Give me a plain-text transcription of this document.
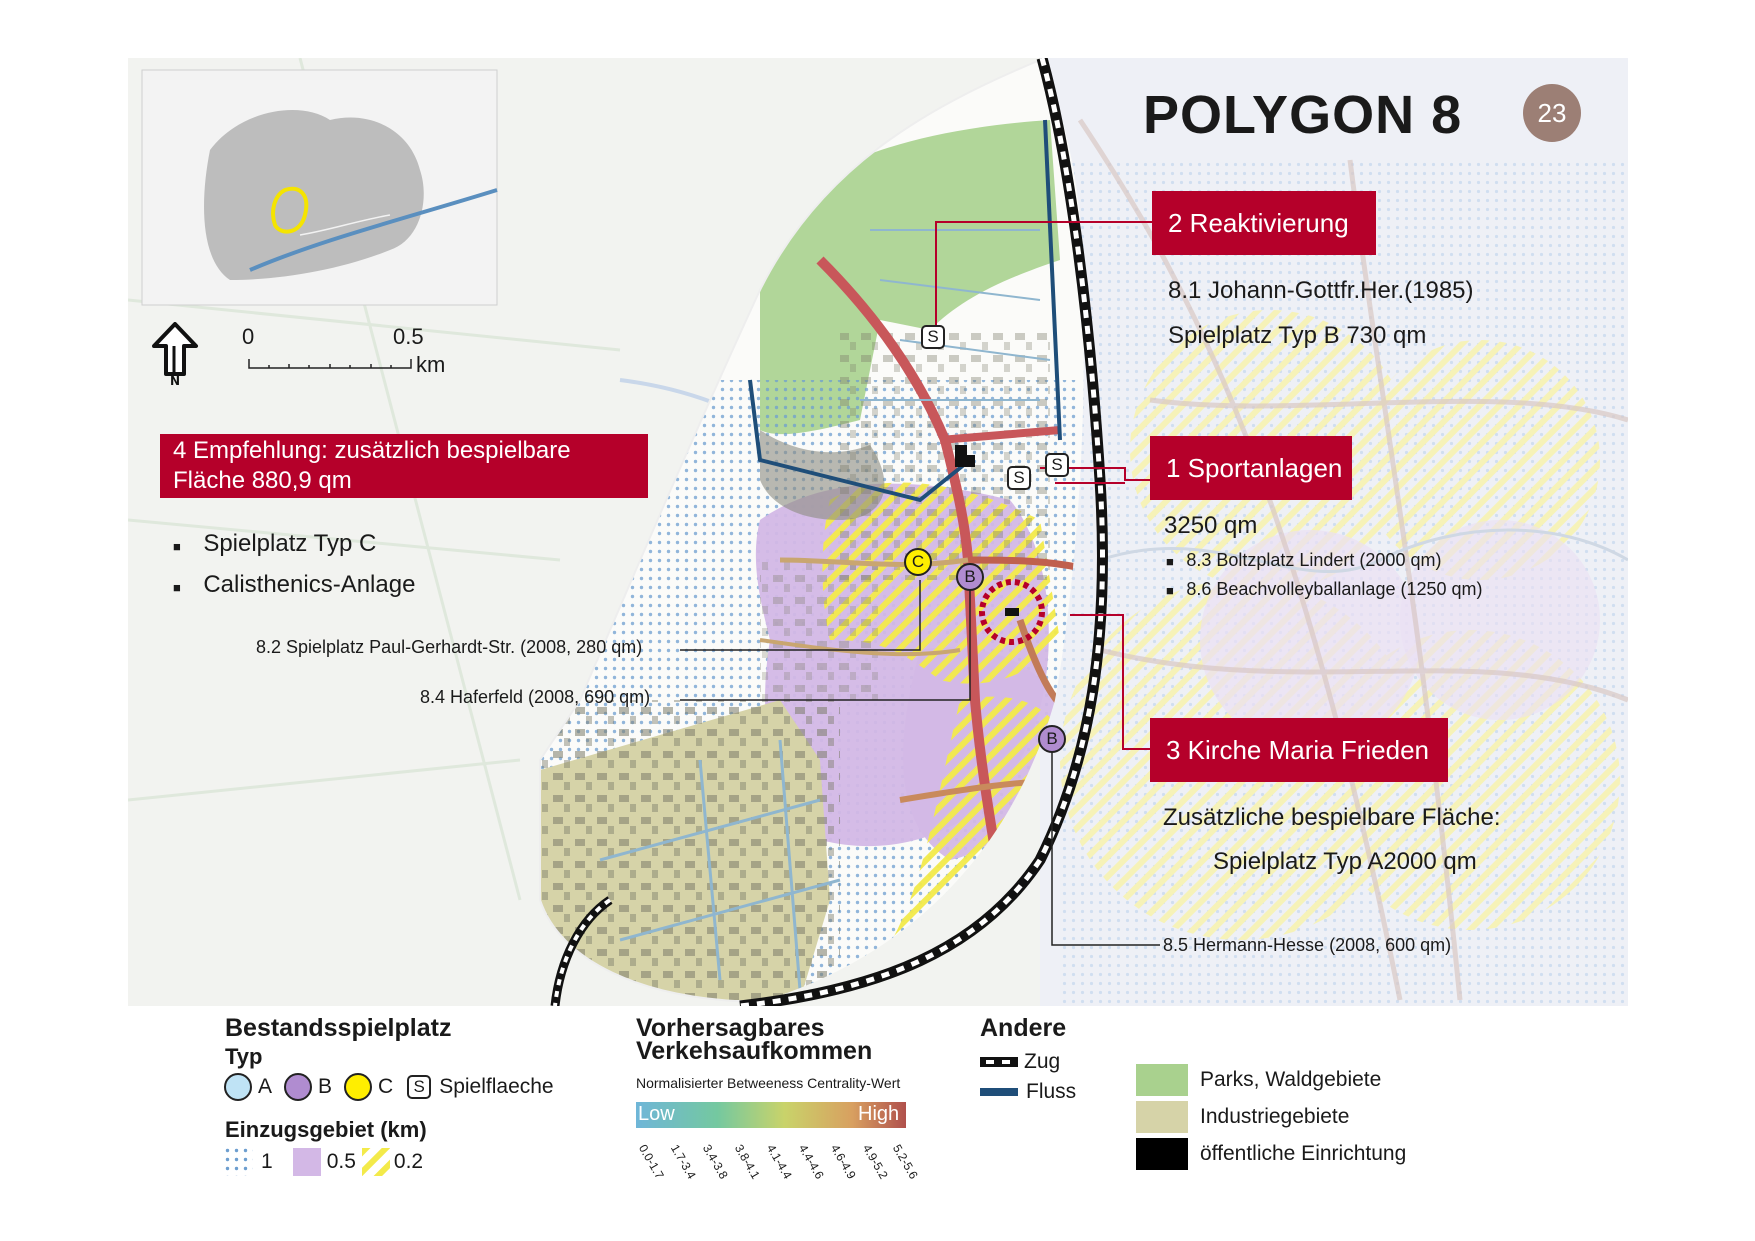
N
0	0.5
km
POLYGON 8	23
2 Reaktivierung
8.1 Johann-Gottfr.Her.(1985)
Spielplatz Typ B 730 qm
1 Sportanlagen
3250 qm
■ 8.3 Boltzplatz Lindert (2000 qm)
■ 8.6 Beachvolleyballanlage (1250 qm)
3 Kirche Maria Frieden
Zusätzliche bespielbare Fläche:
Spielplatz Typ A2000 qm
4 Empfehlung: zusätzlich bespielbare
Fläche 880,9 qm
■ Spielplatz Typ C
■ Calisthenics-Anlage
8.2 Spielplatz Paul-Gerhardt-Str. (2008, 280 qm)
8.4 Haferfeld (2008, 690 qm)
8.5 Hermann-Hesse (2008, 600 qm)
S
S
S
C
B
B
Bestandsspielplatz
Typ
A B C	S Spielflaeche
Einzugsgebiet (km)
1	0.5 0.2
Vorhersagbares
Verkehsaufkommen
Normalisierter Betweeness Centrality-Wert
Low	High
0.0-1.7 1.7-3.4 3.4-3.8 3.8-4.1 4.1-4.4 4.4-4.6 4.6-4.9 4.9-5.2 5.2-5.6
Andere
Zug
Fluss
Parks, Waldgebiete
Industriegebiete
öffentliche Einrichtung
